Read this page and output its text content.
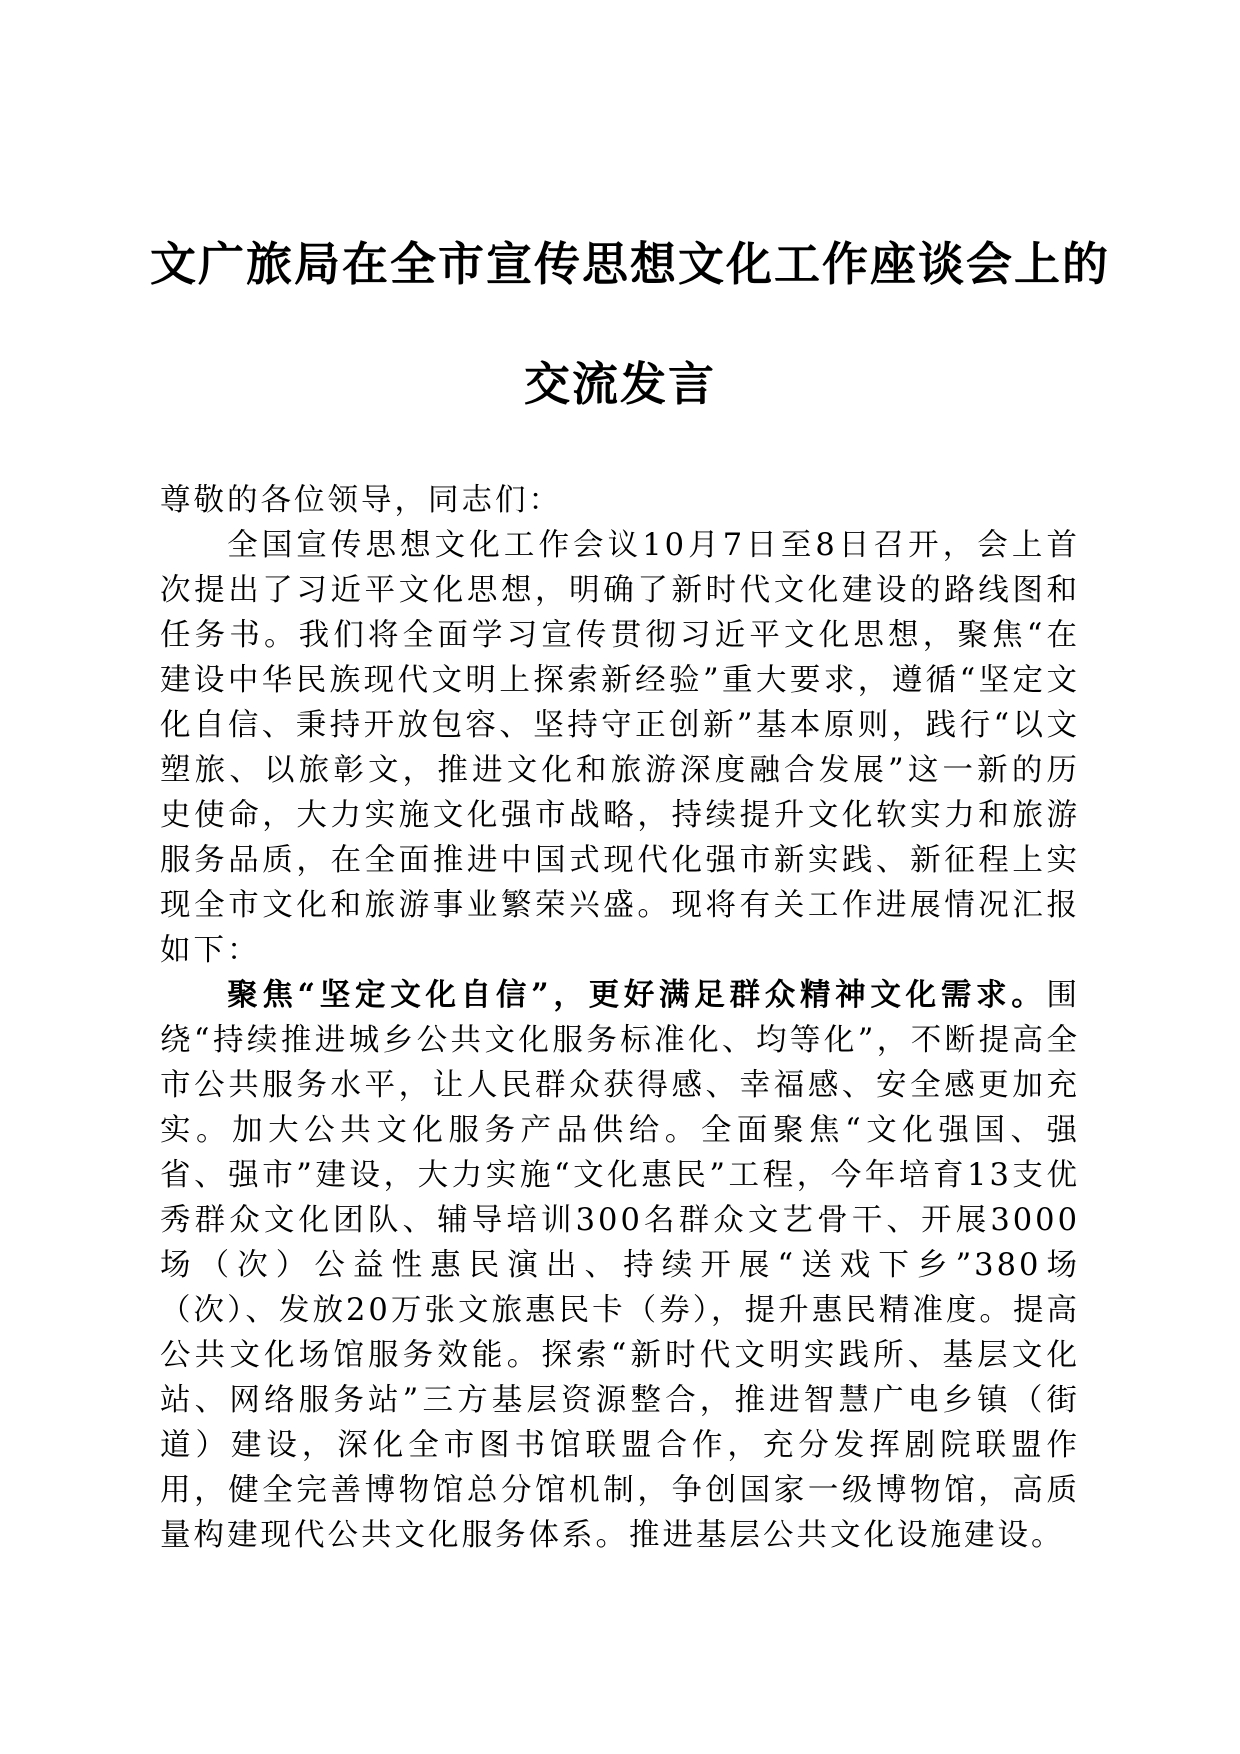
文广旅局在全市宣传思想文化工作座谈会上的
交流发言

尊敬的各位领导，同志们：

全国宣传思想文化工作会议10月7日至8日召开，会上首次提出了习近平文化思想，明确了新时代文化建设的路线图和任务书。我们将全面学习宣传贯彻习近平文化思想，聚焦“在建设中华民族现代文明上探索新经验”重大要求，遵循“坚定文化自信、秉持开放包容、坚持守正创新”基本原则，践行“以文塑旅、以旅彰文，推进文化和旅游深度融合发展”这一新的历史使命，大力实施文化强市战略，持续提升文化软实力和旅游服务品质，在全面推进中国式现代化强市新实践、新征程上实现全市文化和旅游事业繁荣兴盛。现将有关工作进展情况汇报如下：

聚焦“坚定文化自信”，更好满足群众精神文化需求。围绕“持续推进城乡公共文化服务标准化、均等化”，不断提高全市公共服务水平，让人民群众获得感、幸福感、安全感更加充实。加大公共文化服务产品供给。全面聚焦“文化强国、强省、强市”建设，大力实施“文化惠民”工程，今年培育13支优秀群众文化团队、辅导培训300名群众文艺骨干、开展3000场（次）公益性惠民演出、持续开展“送戏下乡”380场（次）、发放20万张文旅惠民卡（券），提升惠民精准度。提高公共文化场馆服务效能。探索“新时代文明实践所、基层文化站、网络服务站”三方基层资源整合，推进智慧广电乡镇（街道）建设，深化全市图书馆联盟合作，充分发挥剧院联盟作用，健全完善博物馆总分馆机制，争创国家一级博物馆，高质量构建现代公共文化服务体系。推进基层公共文化设施建设。
